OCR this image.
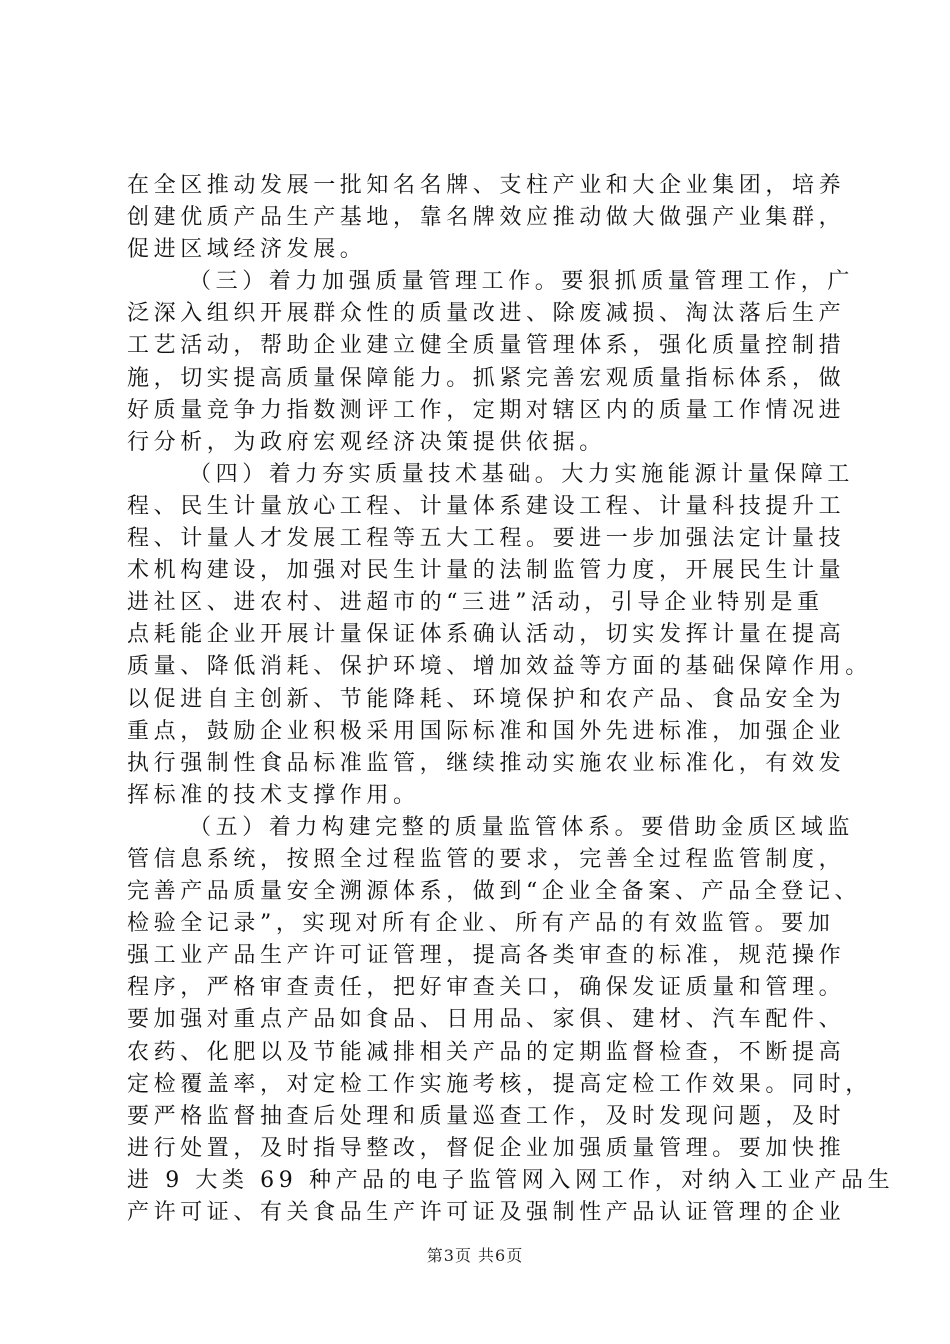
在全区推动发展一批知名名牌、支柱产业和大企业集团，培养
创建优质产品生产基地，靠名牌效应推动做大做强产业集群，
促进区域经济发展。
（三）着力加强质量管理工作。要狠抓质量管理工作，广
泛深入组织开展群众性的质量改进、除废减损、淘汰落后生产
工艺活动，帮助企业建立健全质量管理体系，强化质量控制措
施，切实提高质量保障能力。抓紧完善宏观质量指标体系，做
好质量竞争力指数测评工作，定期对辖区内的质量工作情况进
行分析，为政府宏观经济决策提供依据。
（四）着力夯实质量技术基础。大力实施能源计量保障工
程、民生计量放心工程、计量体系建设工程、计量科技提升工
程、计量人才发展工程等五大工程。要进一步加强法定计量技
术机构建设，加强对民生计量的法制监管力度，开展民生计量
进社区、进农村、进超市的“三进”活动，引导企业特别是重
点耗能企业开展计量保证体系确认活动，切实发挥计量在提高
质量、降低消耗、保护环境、增加效益等方面的基础保障作用。
以促进自主创新、节能降耗、环境保护和农产品、食品安全为
重点，鼓励企业积极采用国际标准和国外先进标准，加强企业
执行强制性食品标准监管，继续推动实施农业标准化，有效发
挥标准的技术支撑作用。
（五）着力构建完整的质量监管体系。要借助金质区域监
管信息系统，按照全过程监管的要求，完善全过程监管制度，
完善产品质量安全溯源体系，做到“企业全备案、产品全登记、
检验全记录”，实现对所有企业、所有产品的有效监管。要加
强工业产品生产许可证管理，提高各类审查的标准，规范操作
程序，严格审查责任，把好审查关口，确保发证质量和管理。
要加强对重点产品如食品、日用品、家俱、建材、汽车配件、
农药、化肥以及节能减排相关产品的定期监督检查，不断提高
定检覆盖率，对定检工作实施考核，提高定检工作效果。同时，
要严格监督抽查后处理和质量巡查工作，及时发现问题，及时
进行处置，及时指导整改，督促企业加强质量管理。要加快推
进 9 大类 69 种产品的电子监管网入网工作，对纳入工业产品生
产许可证、有关食品生产许可证及强制性产品认证管理的企业
第3页 共6页
